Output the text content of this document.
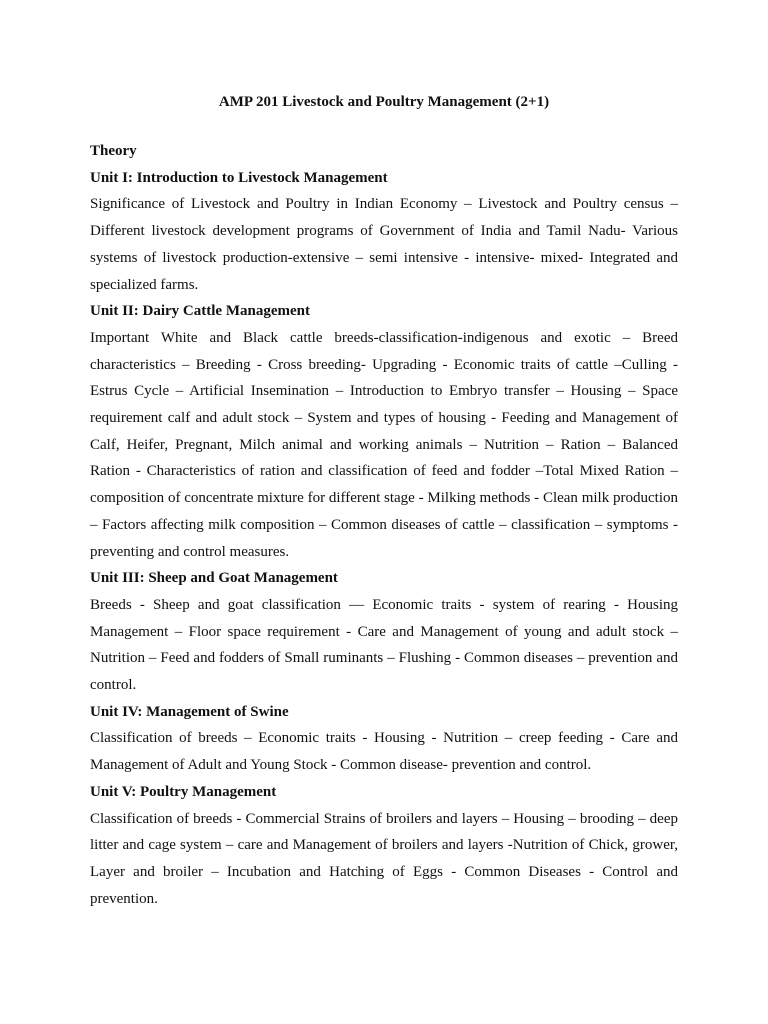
AMP 201 Livestock and Poultry Management (2+1)

Theory

Unit I: Introduction to Livestock Management

Significance of Livestock and Poultry in Indian Economy – Livestock and Poultry census – Different livestock development programs of Government of India and Tamil Nadu- Various systems of livestock production-extensive – semi intensive - intensive- mixed- Integrated and specialized farms.

Unit II: Dairy Cattle Management

Important White and Black cattle breeds-classification-indigenous and exotic – Breed characteristics – Breeding - Cross breeding- Upgrading - Economic traits of cattle –Culling - Estrus Cycle – Artificial Insemination – Introduction to Embryo transfer – Housing – Space requirement calf and adult stock – System and types of housing - Feeding and Management of Calf, Heifer, Pregnant, Milch animal and working animals – Nutrition – Ration – Balanced Ration - Characteristics of ration and classification of feed and fodder –Total Mixed Ration – composition of concentrate mixture for different stage - Milking methods - Clean milk production – Factors affecting milk composition – Common diseases of cattle – classification – symptoms - preventing and control measures.

Unit III: Sheep and Goat Management

Breeds - Sheep and goat classification — Economic traits - system of rearing - Housing Management – Floor space requirement - Care and Management of young and adult stock – Nutrition – Feed and fodders of Small ruminants – Flushing - Common diseases – prevention and control.

Unit IV: Management of Swine

Classification of breeds – Economic traits - Housing - Nutrition – creep feeding - Care and Management of Adult and Young Stock - Common disease- prevention and control.

Unit V: Poultry Management

Classification of breeds - Commercial Strains of broilers and layers – Housing – brooding – deep litter and cage system – care and Management of broilers and layers -Nutrition of Chick, grower, Layer and broiler – Incubation and Hatching of Eggs - Common Diseases - Control and prevention.
